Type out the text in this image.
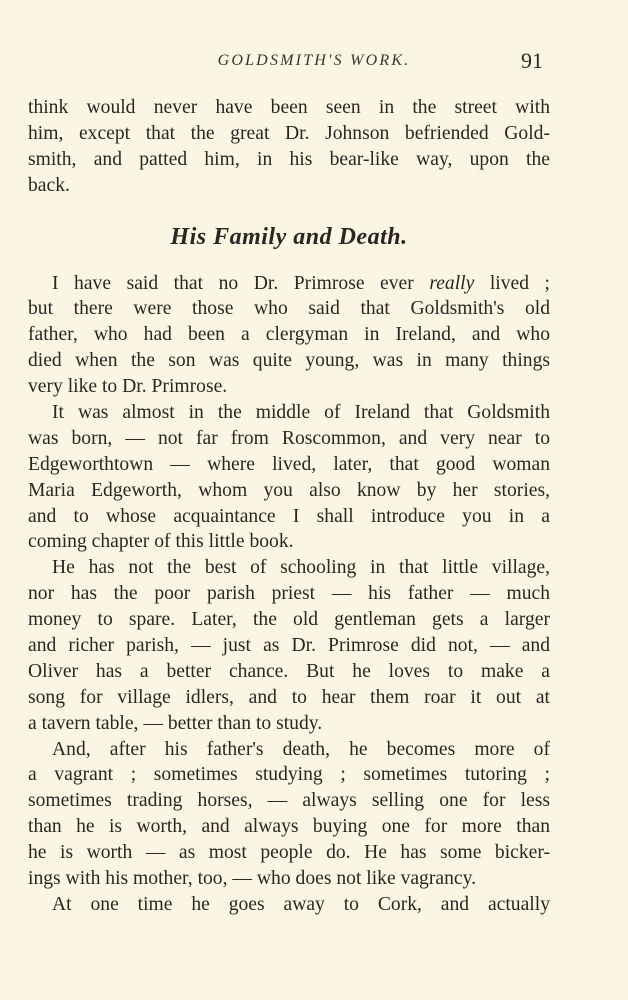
GOLDSMITH'S WORK.	91
think would never have been seen in the street with
him, except that the great Dr. Johnson befriended Gold-
smith, and patted him, in his bear-like way, upon the
back.
His Family and Death.
I have said that no Dr. Primrose ever really lived ;
but there were those who said that Goldsmith's old
father, who had been a clergyman in Ireland, and who
died when the son was quite young, was in many things
very like to Dr. Primrose.
It was almost in the middle of Ireland that Goldsmith
was born, — not far from Roscommon, and very near to
Edgeworthtown — where lived, later, that good woman
Maria Edgeworth, whom you also know by her stories,
and to whose acquaintance I shall introduce you in a
coming chapter of this little book.
He has not the best of schooling in that little village,
nor has the poor parish priest — his father — much
money to spare. Later, the old gentleman gets a larger
and richer parish, — just as Dr. Primrose did not, — and
Oliver has a better chance. But he loves to make a
song for village idlers, and to hear them roar it out at
a tavern table, — better than to study.
And, after his father's death, he becomes more of
a vagrant ; sometimes studying ; sometimes tutoring ;
sometimes trading horses, — always selling one for less
than he is worth, and always buying one for more than
he is worth — as most people do. He has some bicker-
ings with his mother, too, — who does not like vagrancy.
At one time he goes away to Cork, and actually
